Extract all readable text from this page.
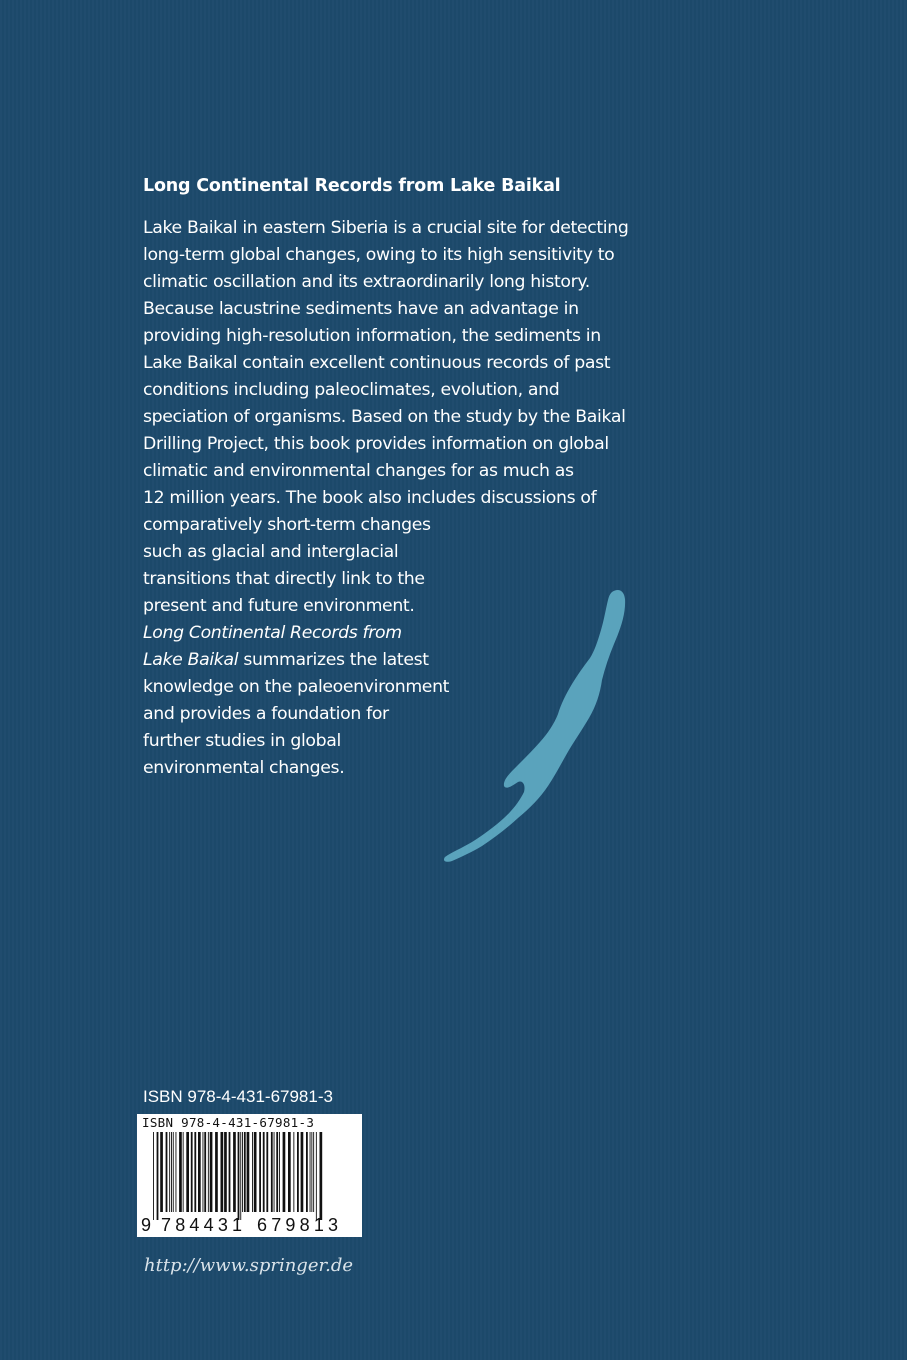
Long Continental Records from Lake Baikal
Lake Baikal in eastern Siberia is a crucial site for detecting
long-term global changes, owing to its high sensitivity to
climatic oscillation and its extraordinarily long history.
Because lacustrine sediments have an advantage in
providing high-resolution information, the sediments in
Lake Baikal contain excellent continuous records of past
conditions including paleoclimates, evolution, and
speciation of organisms. Based on the study by the Baikal
Drilling Project, this book provides information on global
climatic and environmental changes for as much as
12 million years. The book also includes discussions of
comparatively short-term changes
such as glacial and interglacial
transitions that directly link to the
present and future environment.
Long Continental Records from
Lake Baikal summarizes the latest
knowledge on the paleoenvironment
and provides a foundation for
further studies in global
environmental changes.
ISBN 978-4-431-67981-3
ISBN 978-4-431-67981-3
9 784431 679813
http://www.springer.de
